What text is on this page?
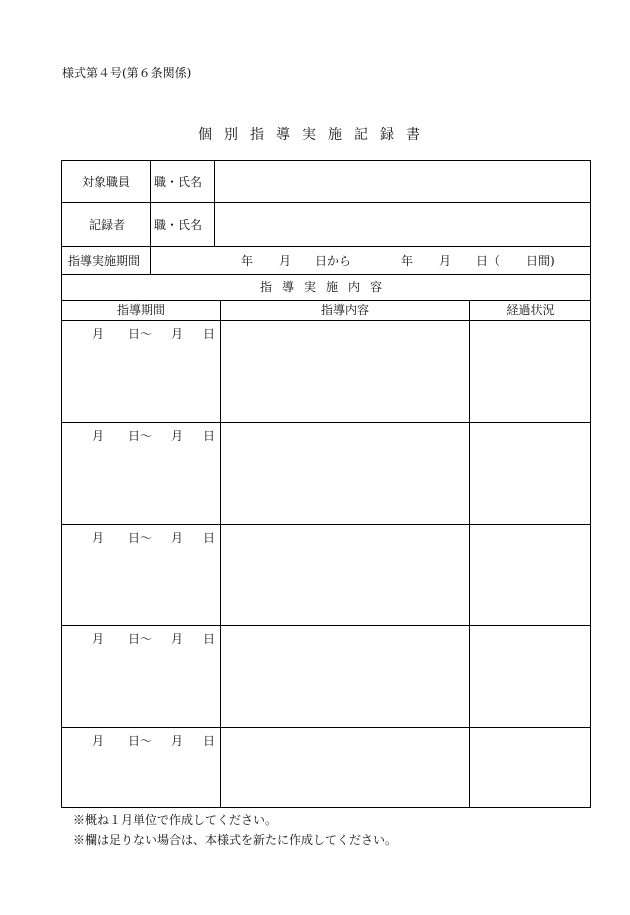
様式第４号(第６条関係)
個別指導実施記録書
対象職員 職・氏名
記録者 職・氏名
指導実施期間	年 月 日から	年 月 日（ 日間)
指導実施内容
指導期間	指導内容	経過状況
月 日～ 月 日
月 日～ 月 日
月 日～ 月 日
月 日～ 月 日
月 日～ 月 日
※概ね１月単位で作成してください。
※欄は足りない場合は、本様式を新たに作成してください。
